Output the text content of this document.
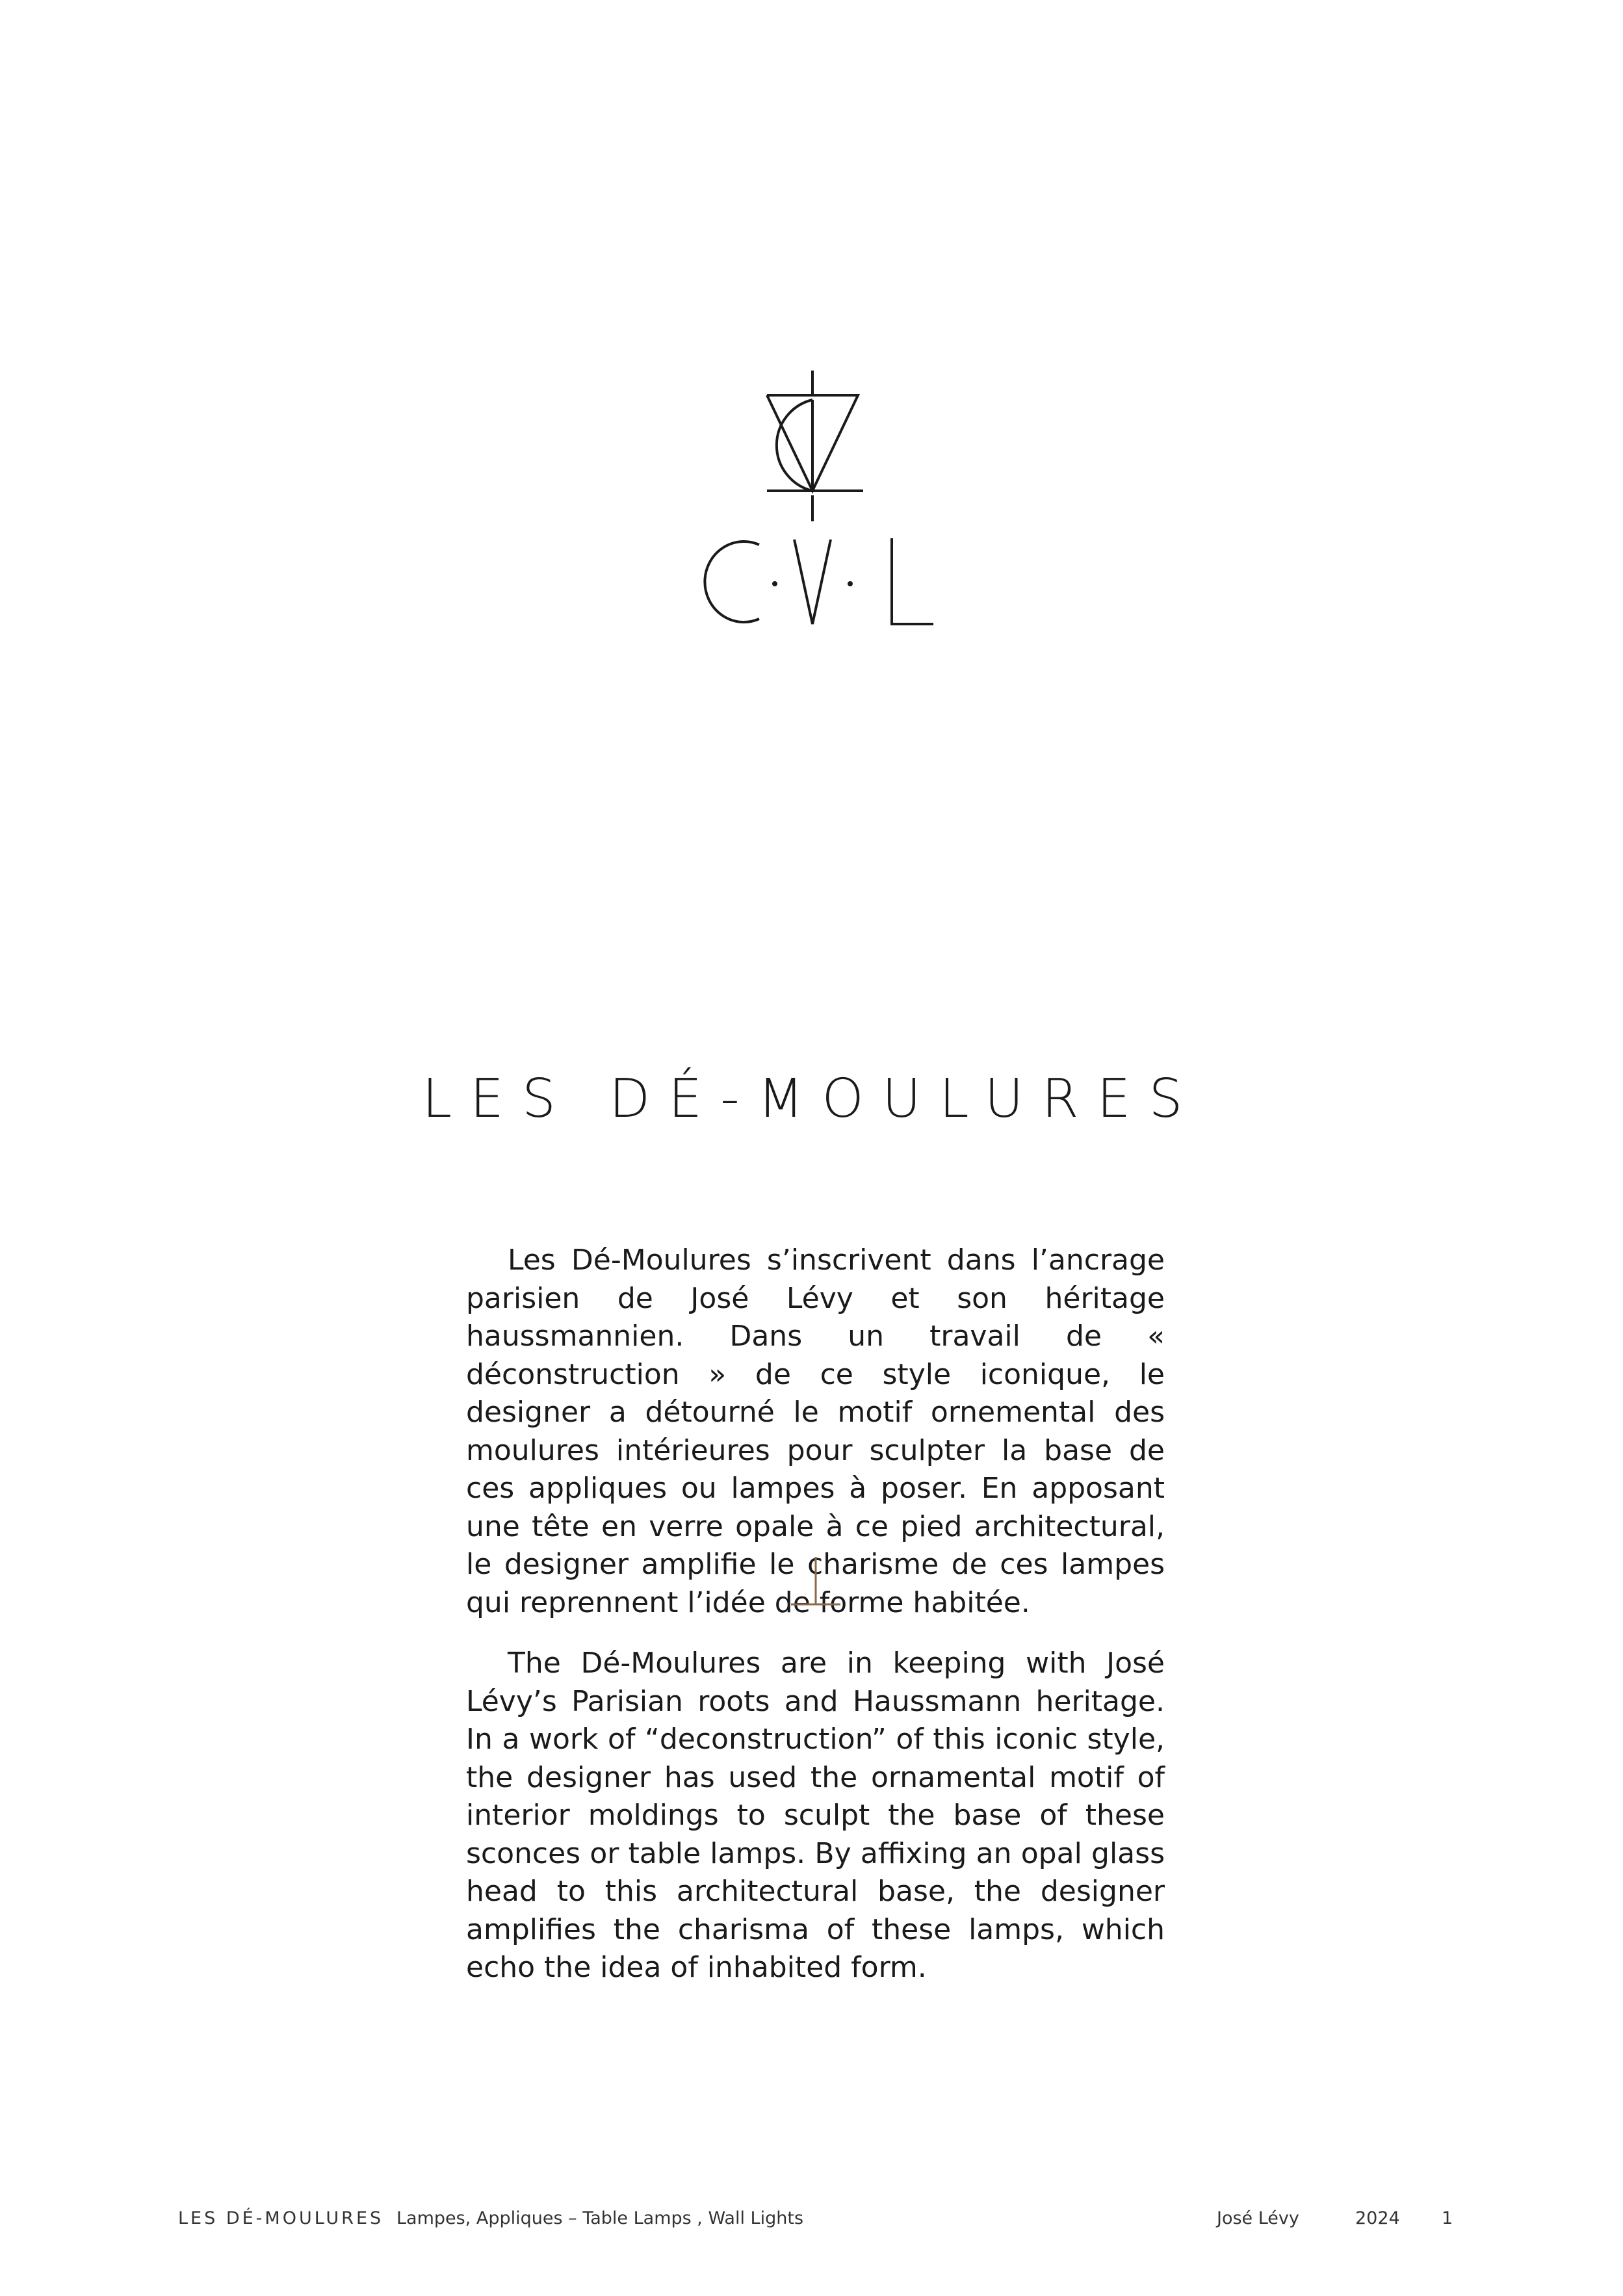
LES DÉ-MOULURES

Les Dé-Moulures s’inscrivent dans l’ancrage parisien de José Lévy et son héritage haussmannien. Dans un travail de « déconstruction » de ce style iconique, le designer a détourné le motif ornemental des moulures intérieures pour sculpter la base de ces appliques ou lampes à poser. En apposant une tête en verre opale à ce pied architectural, le designer amplifie le charisme de ces lampes qui reprennent l’idée de forme habitée.

The Dé-Moulures are in keeping with José Lévy’s Parisian roots and Haussmann heritage. In a work of “deconstruction” of this iconic style, the designer has used the ornamental motif of interior moldings to sculpt the base of these sconces or table lamps. By affixing an opal glass head to this architectural base, the designer amplifies the charisma of these lamps, which echo the idea of inhabited form.

LES DÉ-MOULURES Lampes, Appliques – Table Lamps , Wall Lights	José Lévy	2024 1
